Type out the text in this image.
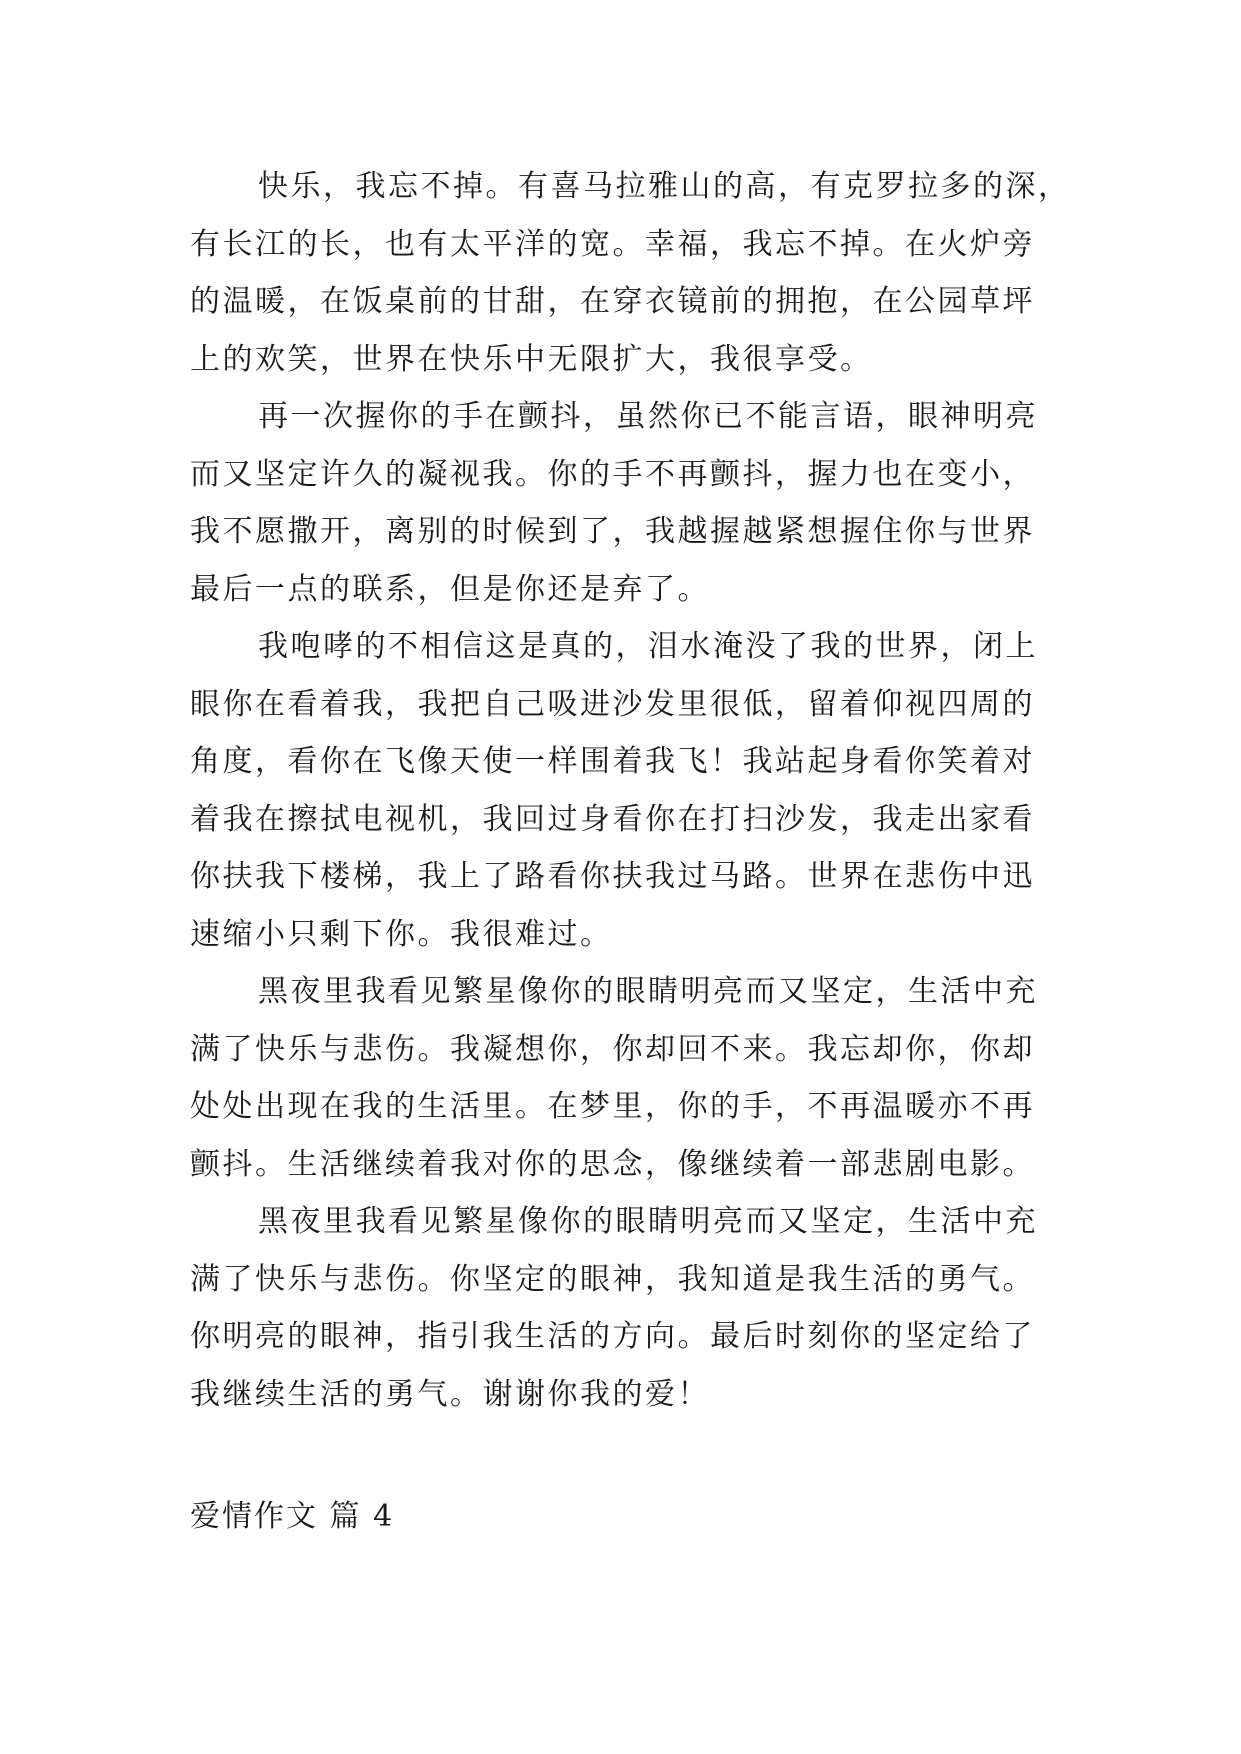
快乐，我忘不掉。有喜马拉雅山的高，有克罗拉多的深，
有长江的长，也有太平洋的宽。幸福，我忘不掉。在火炉旁
的温暖，在饭桌前的甘甜，在穿衣镜前的拥抱，在公园草坪
上的欢笑，世界在快乐中无限扩大，我很享受。
再一次握你的手在颤抖，虽然你已不能言语，眼神明亮
而又坚定许久的凝视我。你的手不再颤抖，握力也在变小，
我不愿撒开，离别的时候到了，我越握越紧想握住你与世界
最后一点的联系，但是你还是弃了。
我咆哮的不相信这是真的，泪水淹没了我的世界，闭上
眼你在看着我，我把自己吸进沙发里很低，留着仰视四周的
角度，看你在飞像天使一样围着我飞！我站起身看你笑着对
着我在擦拭电视机，我回过身看你在打扫沙发，我走出家看
你扶我下楼梯，我上了路看你扶我过马路。世界在悲伤中迅
速缩小只剩下你。我很难过。
黑夜里我看见繁星像你的眼睛明亮而又坚定，生活中充
满了快乐与悲伤。我凝想你，你却回不来。我忘却你，你却
处处出现在我的生活里。在梦里，你的手，不再温暖亦不再
颤抖。生活继续着我对你的思念，像继续着一部悲剧电影。
黑夜里我看见繁星像你的眼睛明亮而又坚定，生活中充
满了快乐与悲伤。你坚定的眼神，我知道是我生活的勇气。
你明亮的眼神，指引我生活的方向。最后时刻你的坚定给了
我继续生活的勇气。谢谢你我的爱！
爱情作文 篇 4
